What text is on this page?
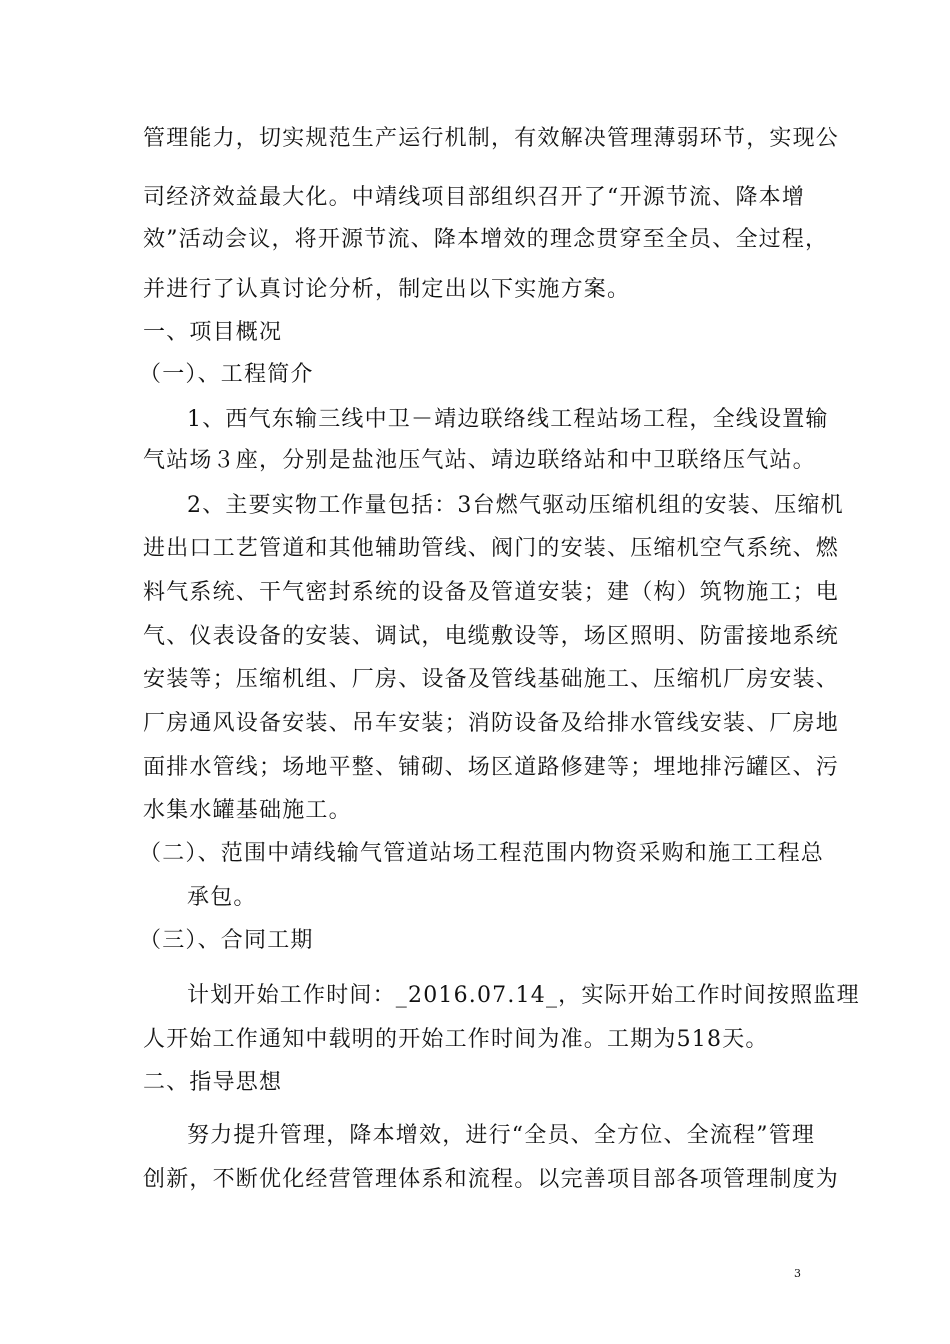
管理能力，切实规范生产运行机制，有效解决管理薄弱环节，实现公
司经济效益最大化。中靖线项目部组织召开了“开源节流、降本增
效”活动会议，将开源节流、降本增效的理念贯穿至全员、全过程，
并进行了认真讨论分析，制定出以下实施方案。
一、项目概况
（一）、工程简介
1、西气东输三线中卫－靖边联络线工程站场工程，全线设置输
气站场３座，分别是盐池压气站、靖边联络站和中卫联络压气站。
2、主要实物工作量包括：3台燃气驱动压缩机组的安装、压缩机
进出口工艺管道和其他辅助管线、阀门的安装、压缩机空气系统、燃
料气系统、干气密封系统的设备及管道安装；建（构）筑物施工；电
气、仪表设备的安装、调试，电缆敷设等，场区照明、防雷接地系统
安装等；压缩机组、厂房、设备及管线基础施工、压缩机厂房安装、
厂房通风设备安装、吊车安装；消防设备及给排水管线安装、厂房地
面排水管线；场地平整、铺砌、场区道路修建等；埋地排污罐区、污
水集水罐基础施工。
（二）、范围中靖线输气管道站场工程范围内物资采购和施工工程总
承包。
（三）、合同工期
计划开始工作时间：_2016.07.14_，实际开始工作时间按照监理
人开始工作通知中载明的开始工作时间为准。工期为518天。
二、指导思想
努力提升管理，降本增效，进行“全员、全方位、全流程”管理
创新，不断优化经营管理体系和流程。以完善项目部各项管理制度为
3
